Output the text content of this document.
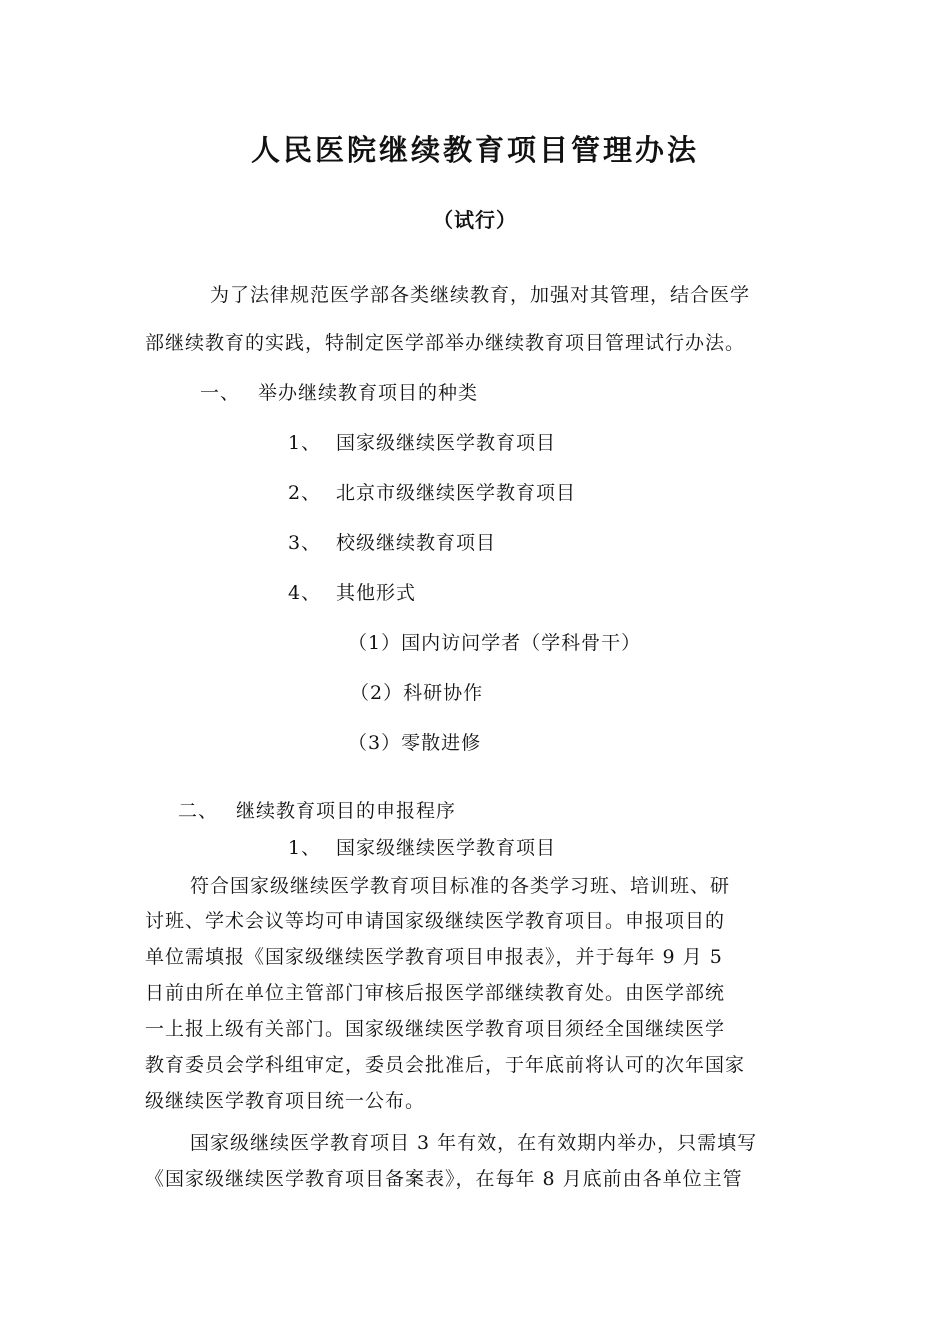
人民医院继续教育项目管理办法
（试行）
为了法律规范医学部各类继续教育，加强对其管理，结合医学
部继续教育的实践，特制定医学部举办继续教育项目管理试行办法。
一、 举办继续教育项目的种类
1、 国家级继续医学教育项目
2、 北京市级继续医学教育项目
3、 校级继续教育项目
4、 其他形式
（1）国内访问学者（学科骨干）
（2）科研协作
（3）零散进修
二、 继续教育项目的申报程序
1、 国家级继续医学教育项目
符合国家级继续医学教育项目标准的各类学习班、培训班、研
讨班、学术会议等均可申请国家级继续医学教育项目。申报项目的
单位需填报《国家级继续医学教育项目申报表》，并于每年 9 月 5
日前由所在单位主管部门审核后报医学部继续教育处。由医学部统
一上报上级有关部门。国家级继续医学教育项目须经全国继续医学
教育委员会学科组审定，委员会批准后，于年底前将认可的次年国家
级继续医学教育项目统一公布。
国家级继续医学教育项目 3 年有效，在有效期内举办，只需填写
《国家级继续医学教育项目备案表》，在每年 8 月底前由各单位主管
